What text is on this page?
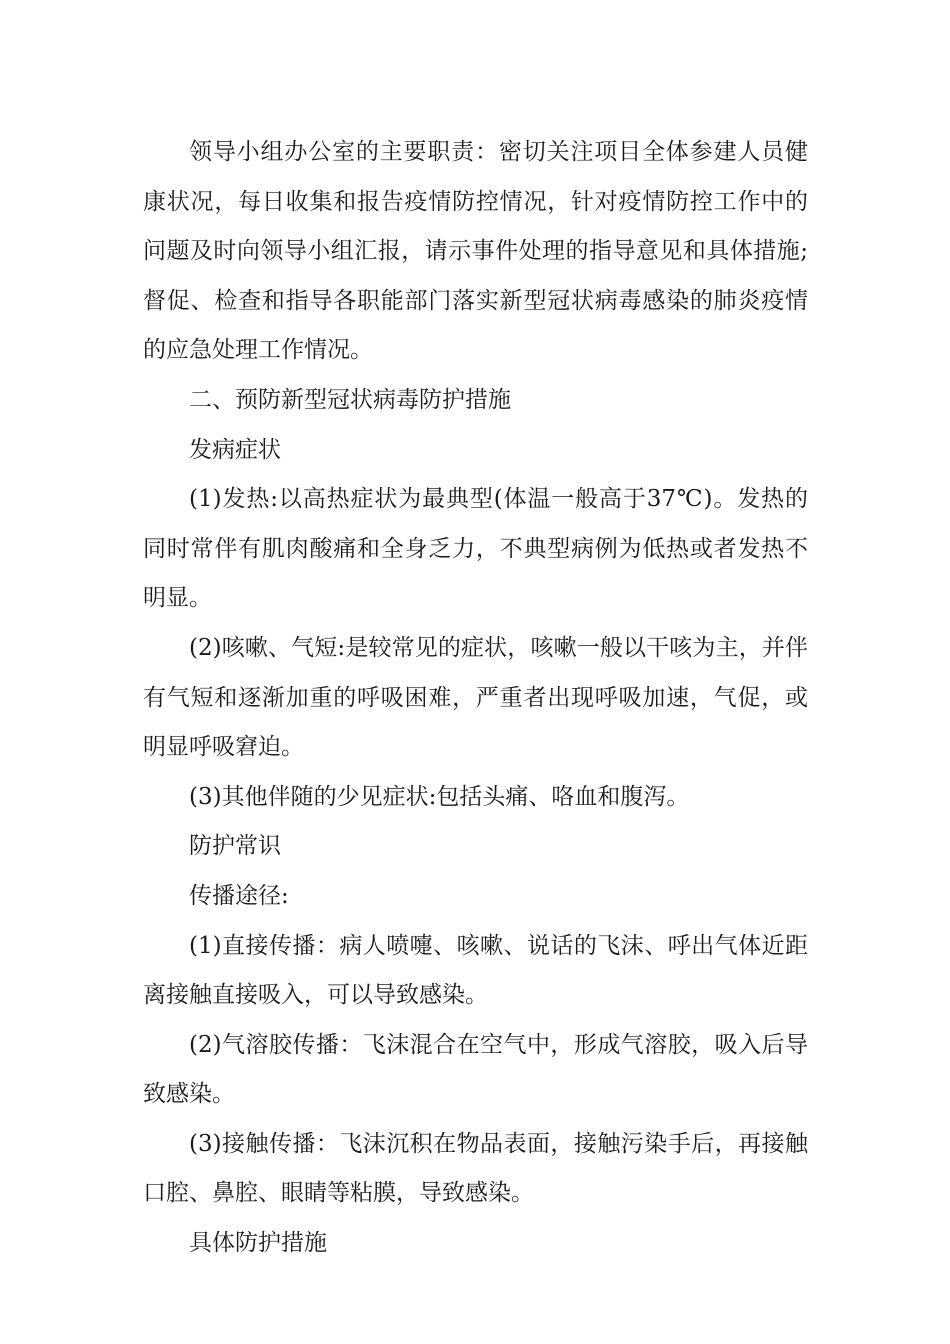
领导小组办公室的主要职责：密切关注项目全体参建人员健康状况，每日收集和报告疫情防控情况，针对疫情防控工作中的问题及时向领导小组汇报，请示事件处理的指导意见和具体措施;督促、检查和指导各职能部门落实新型冠状病毒感染的肺炎疫情的应急处理工作情况。

二、预防新型冠状病毒防护措施

发病症状

(1)发热:以高热症状为最典型(体温一般高于37℃)。发热的同时常伴有肌肉酸痛和全身乏力，不典型病例为低热或者发热不明显。

(2)咳嗽、气短:是较常见的症状，咳嗽一般以干咳为主，并伴有气短和逐渐加重的呼吸困难，严重者出现呼吸加速，气促，或明显呼吸窘迫。

(3)其他伴随的少见症状:包括头痛、咯血和腹泻。

防护常识

传播途径:

(1)直接传播：病人喷嚏、咳嗽、说话的飞沫、呼出气体近距离接触直接吸入，可以导致感染。

(2)气溶胶传播：飞沫混合在空气中，形成气溶胶，吸入后导致感染。

(3)接触传播：飞沫沉积在物品表面，接触污染手后，再接触口腔、鼻腔、眼睛等粘膜，导致感染。

具体防护措施
